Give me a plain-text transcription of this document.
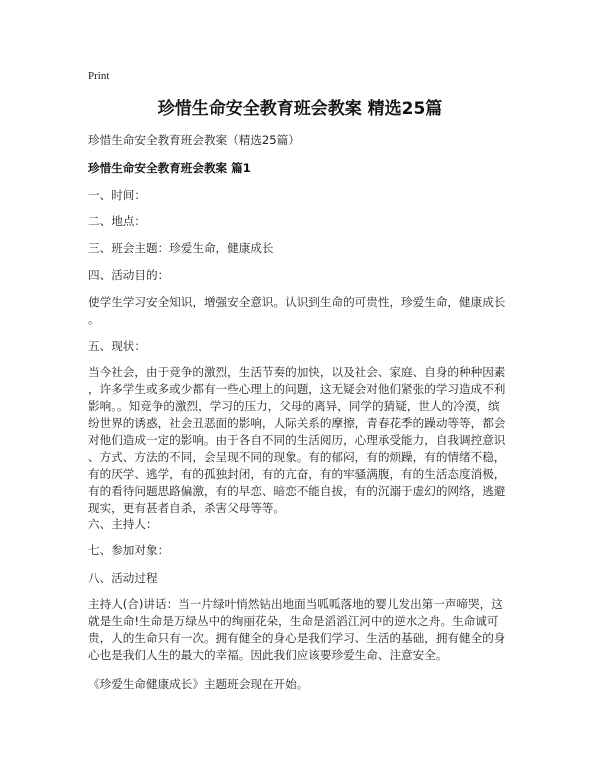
Print
珍惜生命安全教育班会教案 精选25篇
珍惜生命安全教育班会教案（精选25篇）
珍惜生命安全教育班会教案 篇1
一、时间：
二、地点：
三、班会主题：珍爱生命，健康成长
四、活动目的：
使学生学习安全知识，增强安全意识。认识到生命的可贵性，珍爱生命，健康成长
。
五、现状：
当今社会，由于竞争的激烈，生活节奏的加快，以及社会、家庭、自身的种种因素
，许多学生或多或少都有一些心理上的问题，这无疑会对他们紧张的学习造成不利
影响。。知竞争的激烈，学习的压力，父母的离异，同学的猜疑，世人的冷漠，缤
纷世界的诱惑，社会丑恶面的影响，人际关系的摩擦，青春花季的躁动等等，都会
对他们造成一定的影响。由于各自不同的生活阅历，心理承受能力，自我调控意识
、方式、方法的不同，会呈现不同的现象。有的郁闷，有的烦躁，有的情绪不稳，
有的厌学、逃学，有的孤独封闭，有的亢奋，有的牢骚满腹，有的生活态度消极，
有的看待问题思路偏激，有的早恋、暗恋不能自拔，有的沉溺于虚幻的网络，逃避
现实，更有甚者自杀，杀害父母等等。
六、主持人：
七、参加对象：
八、活动过程
主持人(合)讲话：当一片绿叶悄然钻出地面当呱呱落地的婴儿发出第一声啼哭，这
就是生命!生命是万绿丛中的绚丽花朵，生命是滔滔江河中的逆水之舟。生命诚可
贵，人的生命只有一次。拥有健全的身心是我们学习、生活的基础，拥有健全的身
心也是我们人生的最大的幸福。因此我们应该要珍爱生命、注意安全。
《珍爱生命健康成长》主题班会现在开始。
